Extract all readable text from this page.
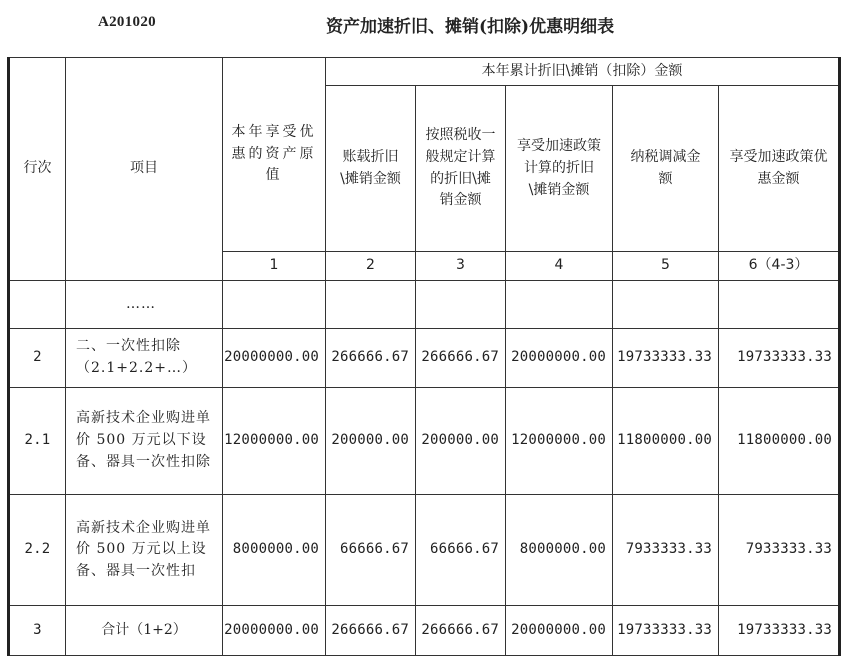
A201020	资产加速折旧、摊销(扣除)优惠明细表
行次	项目	本年享受优惠的资产原值	本年累计折旧\摊销（扣除）金额				
			账载折旧\摊销金额	按照税收一般规定计算的折旧\摊销金额	享受加速政策计算的折旧\摊销金额	纳税调减金额	享受加速政策优惠金额
		1	2	3	4	5	6（4-3）
	……						
2	二、一次性扣除（2.1+2.2+…）	20000000.00	266666.67	266666.67	20000000.00	19733333.33	19733333.33
2.1	高新技术企业购进单价 500 万元以下设备、器具一次性扣除	12000000.00	200000.00	200000.00	12000000.00	11800000.00	11800000.00
2.2	高新技术企业购进单价 500 万元以上设备、器具一次性扣	8000000.00	66666.67	66666.67	8000000.00	7933333.33	7933333.33
3	合计（1+2）	20000000.00	266666.67	266666.67	20000000.00	19733333.33	19733333.33
